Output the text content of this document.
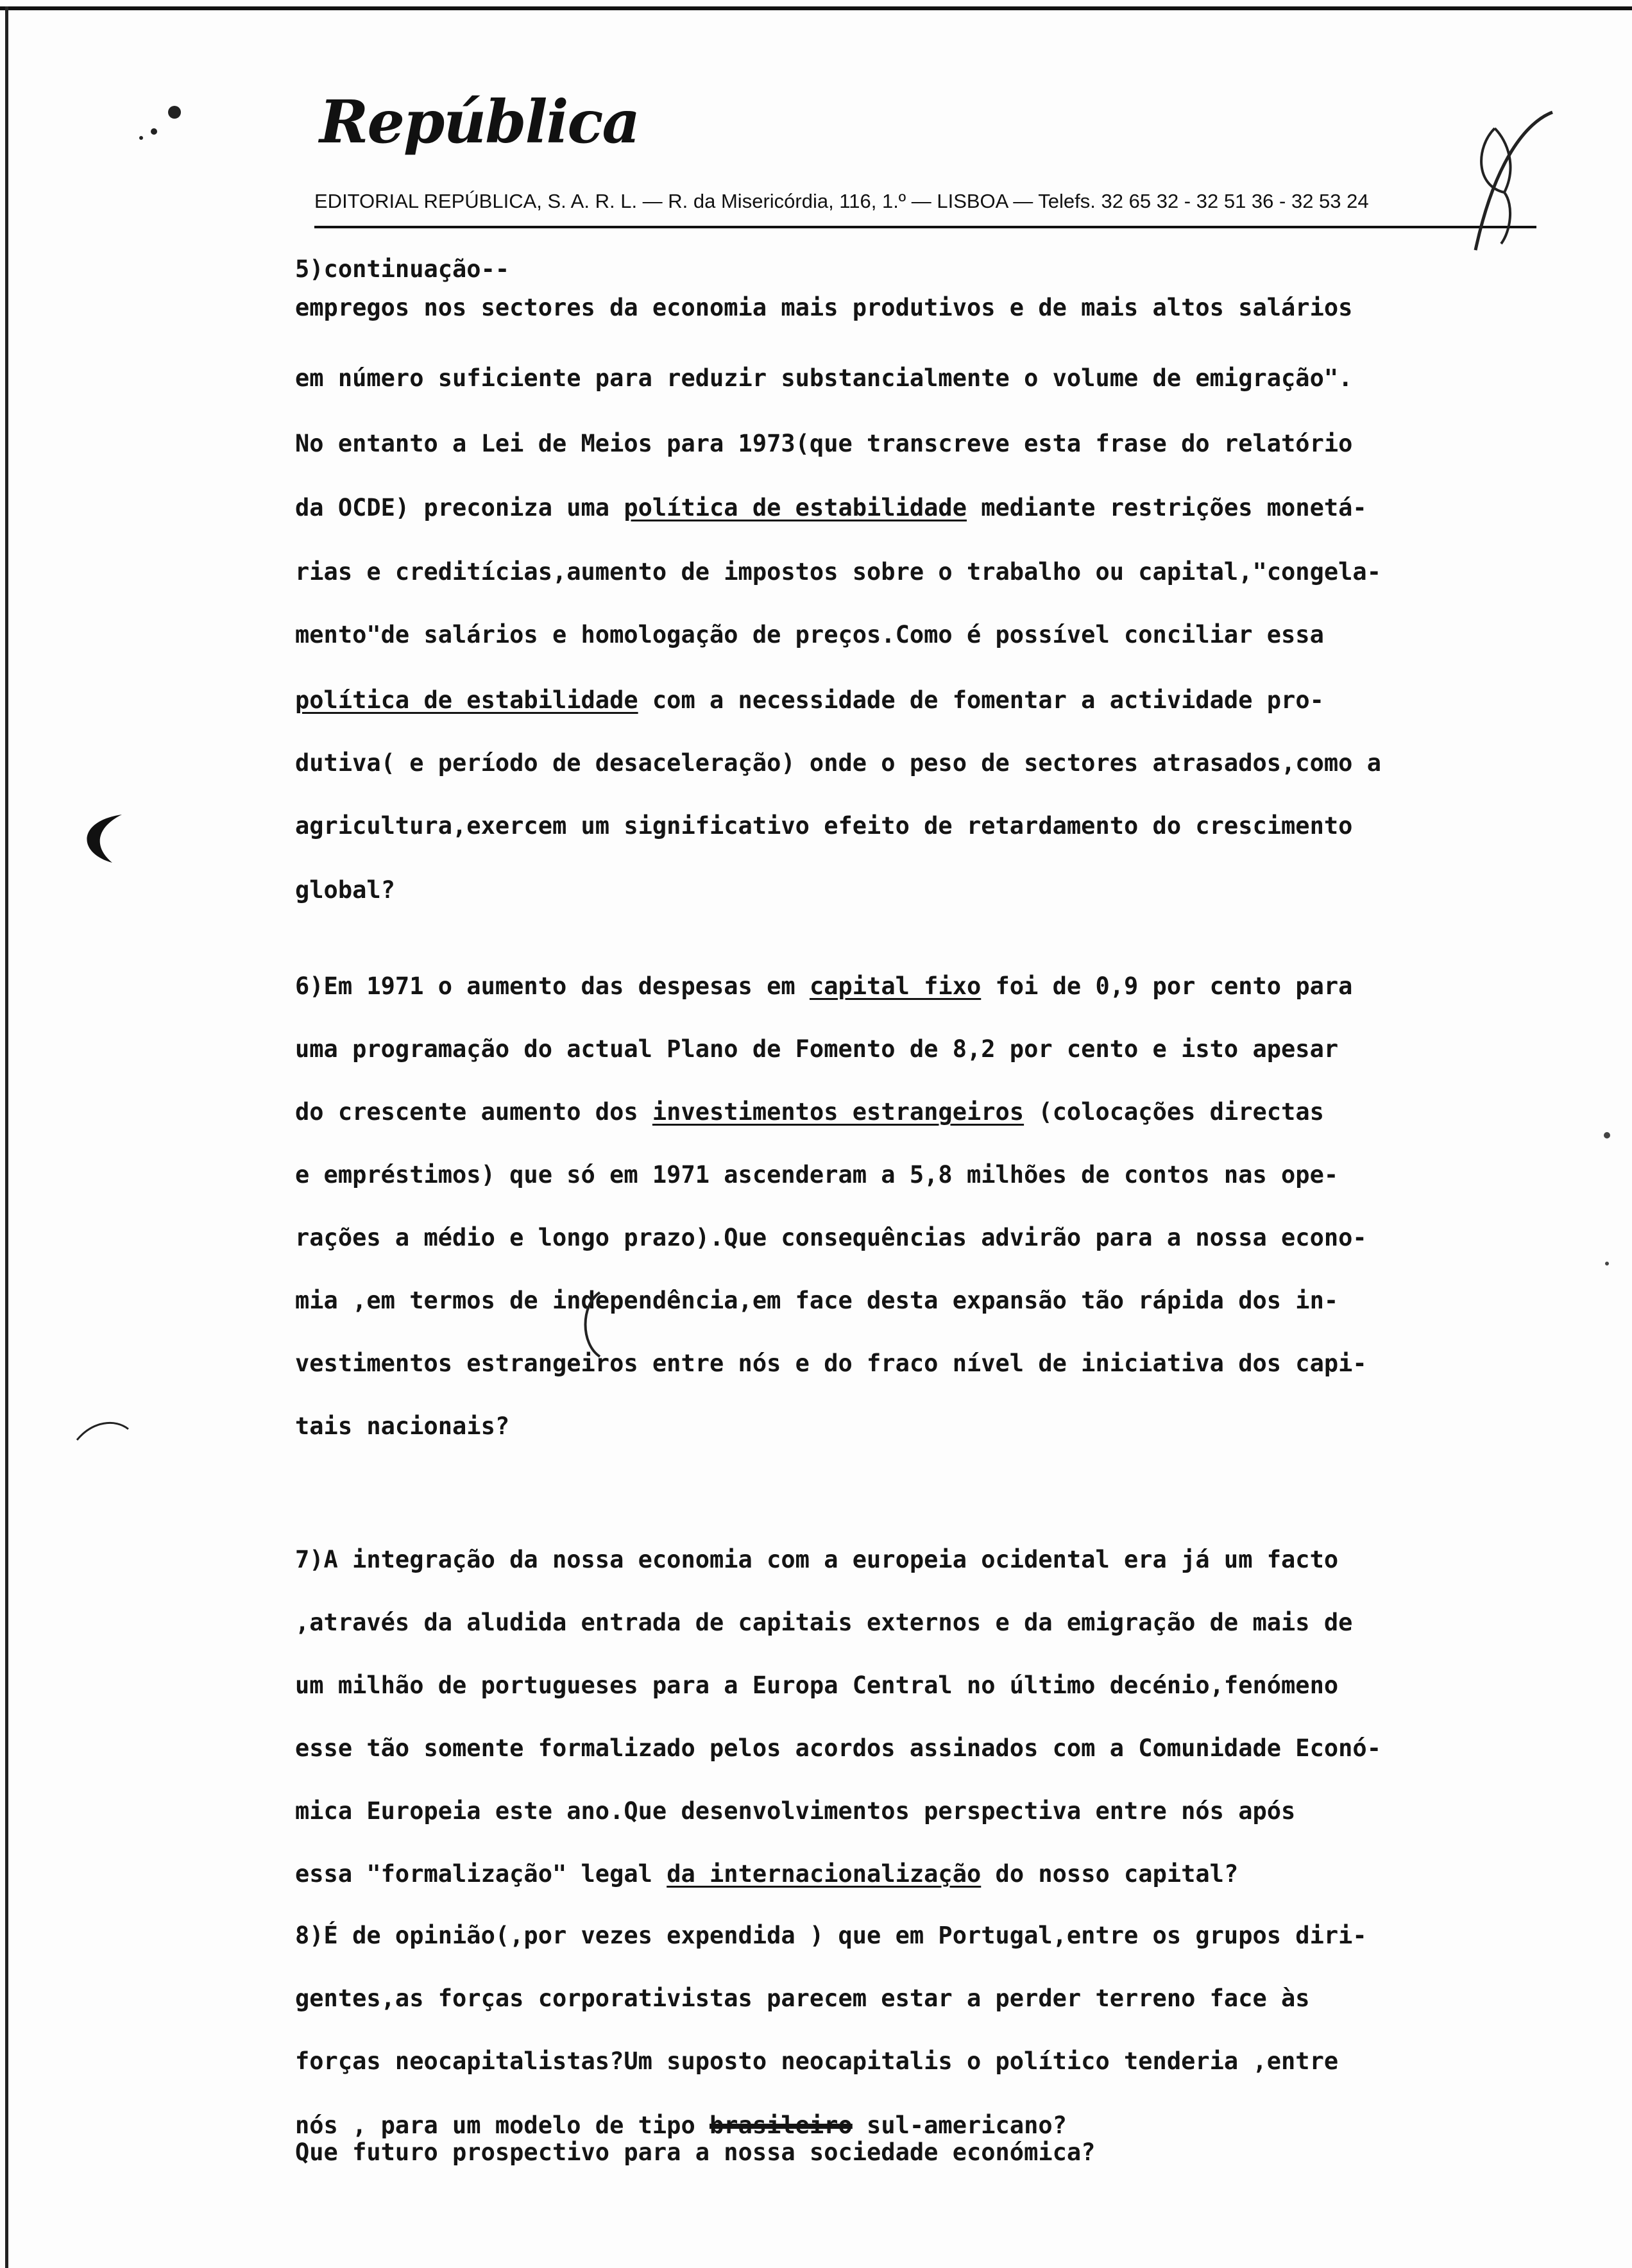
República
EDITORIAL REPÚBLICA, S. A. R. L. — R. da Misericórdia, 116, 1.º — LISBOA — Telefs. 32 65 32 - 32 51 36 - 32 53 24
5)continuação--
empregos nos sectores da economia mais produtivos e de mais altos salários
em número suficiente para reduzir substancialmente o volume de emigração".
No entanto a Lei de Meios para 1973(que transcreve esta frase do relatório
da OCDE) preconiza uma política de estabilidade mediante restrições monetá-
rias e creditícias,aumento de impostos sobre o trabalho ou capital,"congela-
mento"de salários e homologação de preços.Como é possível conciliar essa
política de estabilidade com a necessidade de fomentar a actividade pro-
dutiva( e período de desaceleração) onde o peso de sectores atrasados,como a
agricultura,exercem um significativo efeito de retardamento do crescimento
global?
6)Em 1971 o aumento das despesas em capital fixo foi de 0,9 por cento para
uma programação do actual Plano de Fomento de 8,2 por cento e isto apesar
do crescente aumento dos investimentos estrangeiros (colocações directas
e empréstimos) que só em 1971 ascenderam a 5,8 milhões de contos nas ope-
rações a médio e longo prazo).Que consequências advirão para a nossa econo-
mia ,em termos de independência,em face desta expansão tão rápida dos in-
vestimentos estrangeiros entre nós e do fraco nível de iniciativa dos capi-
tais nacionais?
7)A integração da nossa economia com a europeia ocidental era já um facto
,através da aludida entrada de capitais externos e da emigração de mais de
um milhão de portugueses para a Europa Central no último decénio,fenómeno
esse tão somente formalizado pelos acordos assinados com a Comunidade Econó-
mica Europeia este ano.Que desenvolvimentos perspectiva entre nós após
essa "formalização" legal da internacionalização do nosso capital?
8)É de opinião(,por vezes expendida ) que em Portugal,entre os grupos diri-
gentes,as forças corporativistas parecem estar a perder terreno face às
forças neocapitalistas?Um suposto neocapitalis o político tenderia ,entre
nós , para um modelo de tipo brasileiro sul-americano?
Que futuro prospectivo para a nossa sociedade económica?
